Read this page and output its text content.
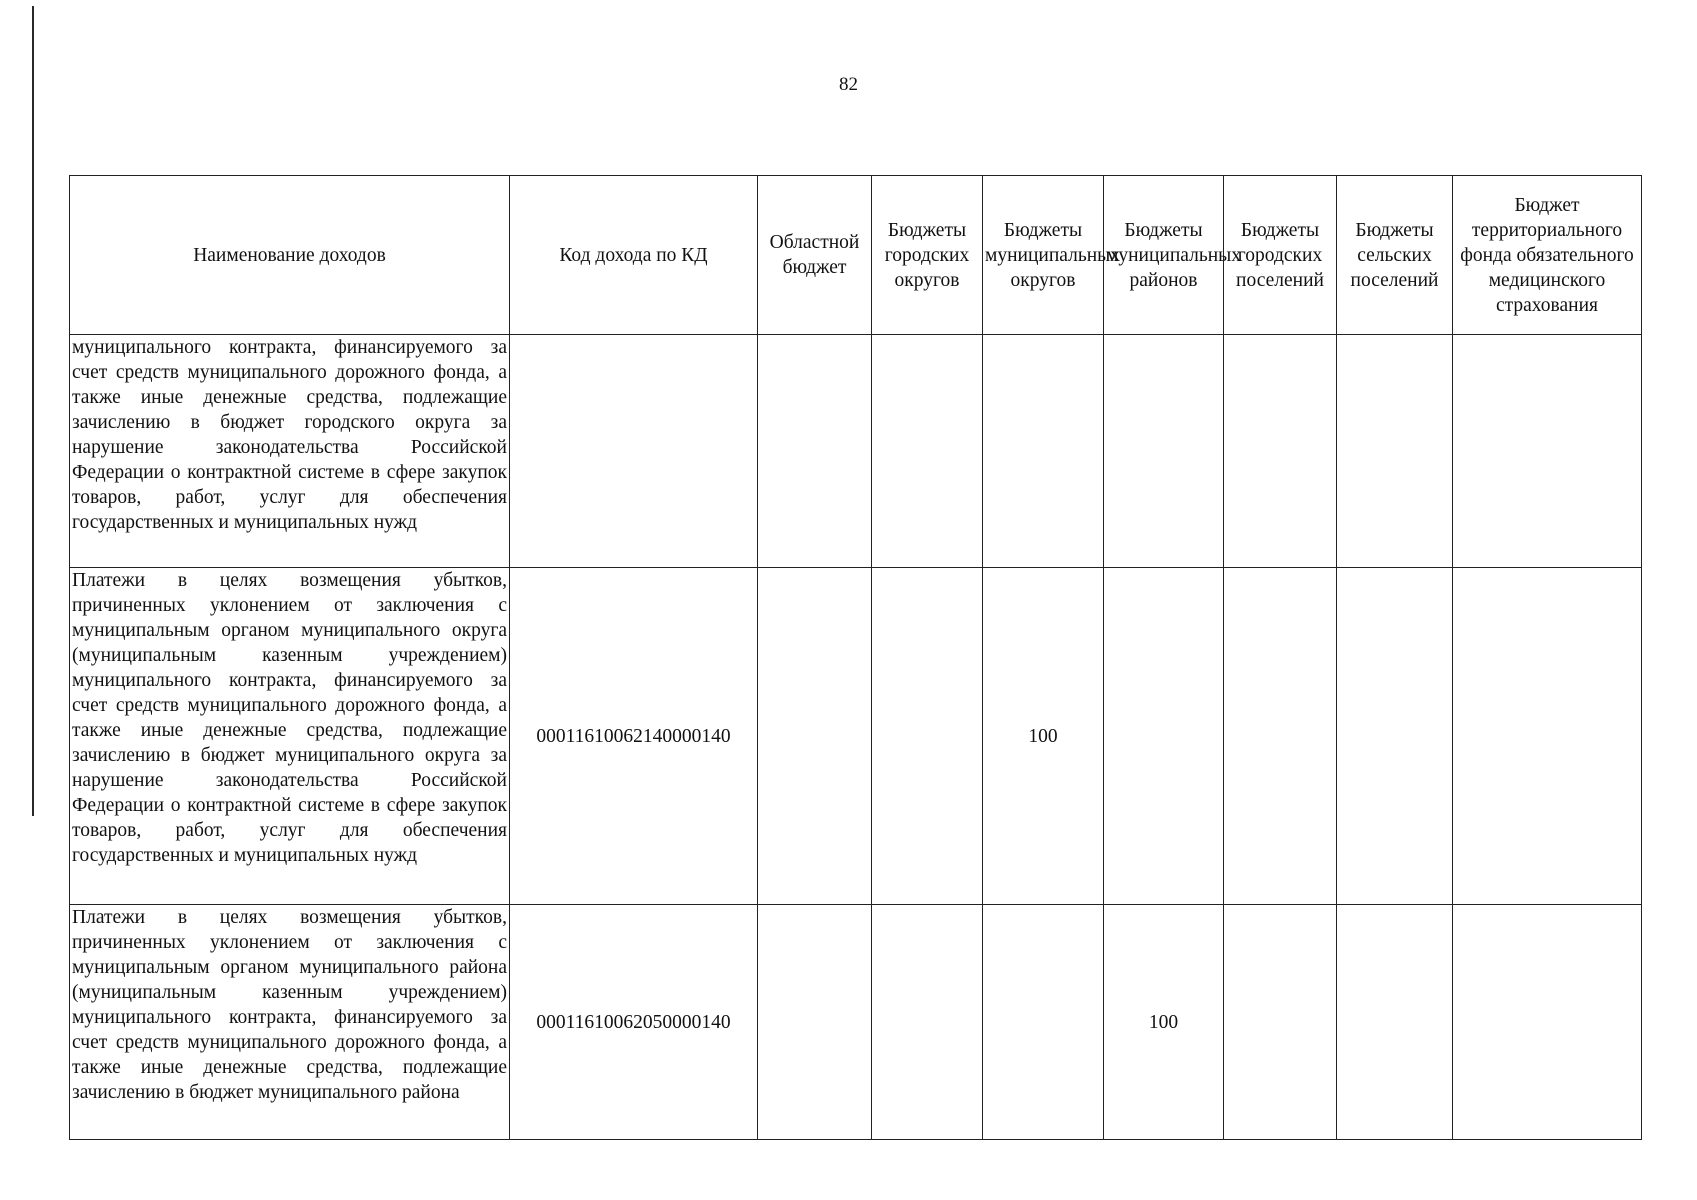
82
Наименование доходов	Код дохода по КД	Областной бюджет	Бюджеты городских округов	Бюджеты муниципальных округов	Бюджеты муниципальных районов	Бюджеты городских поселений	Бюджеты сельских поселений	Бюджет территориального фонда обязательного медицинского страхования

муниципального контракта, финансируемого за счет средств муниципального дорожного фонда, а также иные денежные средства, подлежащие зачислению в бюджет городского округа за нарушение законодательства Российской Федерации о контрактной системе в сфере закупок товаров, работ, услуг для обеспечения государственных и муниципальных нужд								

Платежи в целях возмещения убытков, причиненных уклонением от заключения с муниципальным органом муниципального округа (муниципальным казенным учреждением) муниципального контракта, финансируемого за счет средств муниципального дорожного фонда, а также иные денежные средства, подлежащие зачислению в бюджет муниципального округа за нарушение законодательства Российской Федерации о контрактной системе в сфере закупок товаров, работ, услуг для обеспечения государственных и муниципальных нужд	00011610062140000140			100				

Платежи в целях возмещения убытков, причиненных уклонением от заключения с муниципальным органом муниципального района (муниципальным казенным учреждением) муниципального контракта, финансируемого за счет средств муниципального дорожного фонда, а также иные денежные средства, подлежащие зачислению в бюджет муниципального района	00011610062050000140				100			
